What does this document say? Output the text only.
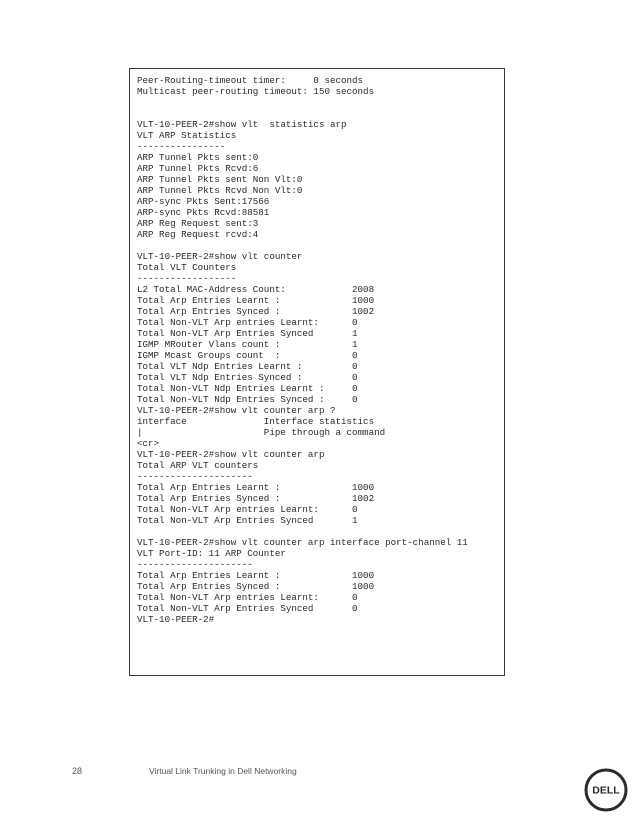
Peer-Routing-timeout timer:     0 seconds
Multicast peer-routing timeout: 150 seconds

VLT-10-PEER-2#show vlt  statistics arp
VLT ARP Statistics
----------------
ARP Tunnel Pkts sent:0
ARP Tunnel Pkts Rcvd:6
ARP Tunnel Pkts sent Non Vlt:0
ARP Tunnel Pkts Rcvd Non Vlt:0
ARP-sync Pkts Sent:17566
ARP-sync Pkts Rcvd:88581
ARP Reg Request sent:3
ARP Reg Request rcvd:4

VLT-10-PEER-2#show vlt counter
Total VLT Counters
------------------
L2 Total MAC-Address Count:            2008
Total Arp Entries Learnt :             1000
Total Arp Entries Synced :             1002
Total Non-VLT Arp entries Learnt:      0
Total Non-VLT Arp Entries Synced       1
IGMP MRouter Vlans count :             1
IGMP Mcast Groups count  :             0
Total VLT Ndp Entries Learnt :         0
Total VLT Ndp Entries Synced :         0
Total Non-VLT Ndp Entries Learnt :     0
Total Non-VLT Ndp Entries Synced :     0
VLT-10-PEER-2#show vlt counter arp ?
interface              Interface statistics
|                      Pipe through a command
<cr>
VLT-10-PEER-2#show vlt counter arp
Total ARP VLT counters
---------------------
Total Arp Entries Learnt :             1000
Total Arp Entries Synced :             1002
Total Non-VLT Arp entries Learnt:      0
Total Non-VLT Arp Entries Synced       1

VLT-10-PEER-2#show vlt counter arp interface port-channel 11
VLT Port-ID: 11 ARP Counter
---------------------
Total Arp Entries Learnt :             1000
Total Arp Entries Synced :             1000
Total Non-VLT Arp entries Learnt:      0
Total Non-VLT Arp Entries Synced       0
VLT-10-PEER-2#

28	Virtual Link Trunking in Dell Networking
DELL
